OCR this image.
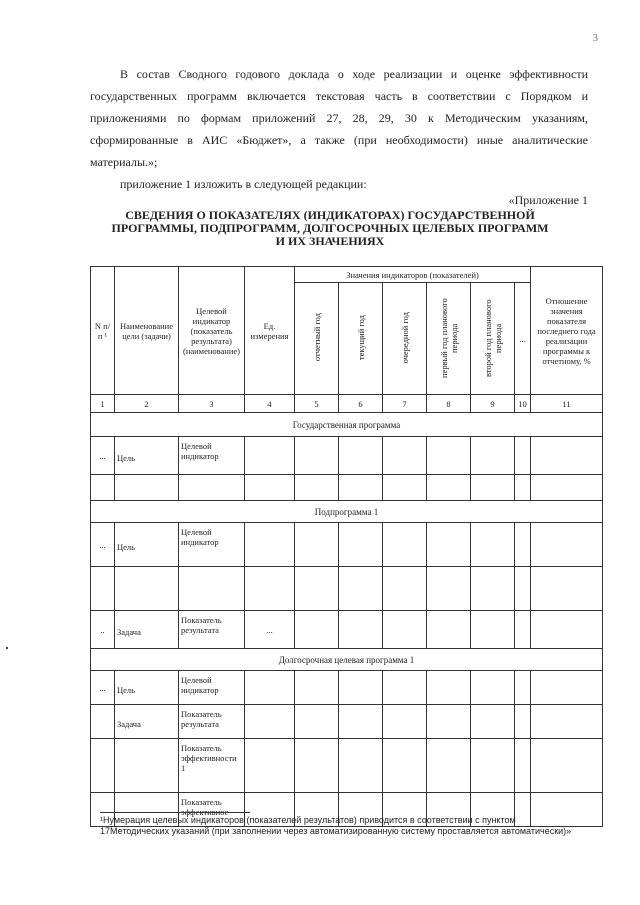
3
В состав Сводного годового доклада о ходе реализации и оценке эффективности государственных программ включается текстовая часть в соответствии с Порядком и приложениями по формам приложений 27, 28, 29, 30 к Методическим указаниям, сформированные в АИС «Бюджет», а также (при необходимости) иные аналитические материалы.»;
приложение 1 изложить в следующей редакции:
«Приложение 1
СВЕДЕНИЯ О ПОКАЗАТЕЛЯХ (ИНДИКАТОРАХ) ГОСУДАРСТВЕННОЙ ПРОГРАММЫ, ПОДПРОГРАММ, ДОЛГОСРОЧНЫХ ЦЕЛЕВЫХ ПРОГРАММ И ИХ ЗНАЧЕНИЯХ
N п/п ¹	Наименование цели (задачи)	Целевой индикатор (показатель результата) (наименование)	Ед. измерения	Значения индикаторов (показателей)						Отношение значения показателя последнего года реализации программы к отчетному, %
				отчетный год	текущий год	очередной год	первый год планового периода	второй год планового периода	...	
1	2	3	4	5	6	7	8	9	10	11
Государственная программа										
...	Цель	Целевой индикатор								

Подпрограмма 1										
...	Цель	Целевой индикатор								

..	Задача	Показатель результата	...							
Долгосрочная целевая программа 1										
...	Цель	Целевой индикатор								
	Задача	Показатель результата								
		Показатель эффективности 1								
		Показатель эффективнос								
¹Нумерация целевых индикаторов (показателей результатов) приводится в соответствии с пунктом 17Методических указаний (при заполнении через автоматизированную систему проставляется автоматически)»
